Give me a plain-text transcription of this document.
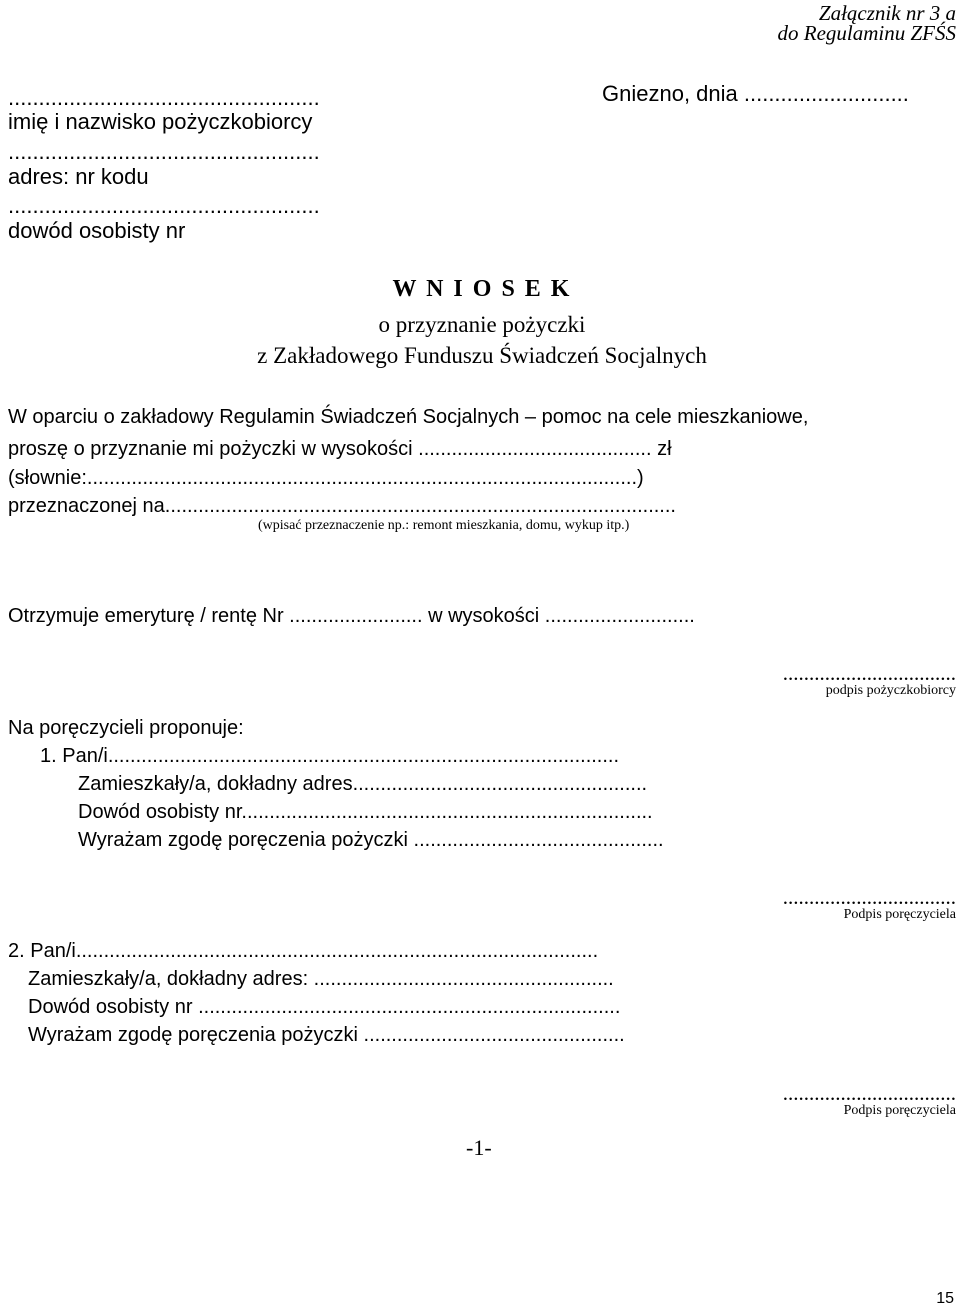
Załącznik nr 3 a
do Regulaminu ZFŚS
...................................................
imię i nazwisko pożyczkobiorcy
...................................................
adres: nr kodu
...................................................
dowód osobisty nr
Gniezno, dnia ...........................
W N I O S E K
o przyznanie pożyczki
z Zakładowego Funduszu Świadczeń Socjalnych
W oparciu o zakładowy Regulamin Świadczeń Socjalnych – pomoc na cele mieszkaniowe,
proszę o przyznanie mi pożyczki w wysokości .......................................... zł
(słownie:...................................................................................................)
przeznaczonej na............................................................................................
(wpisać przeznaczenie np.: remont mieszkania, domu, wykup itp.)
Otrzymuje emeryturę / rentę Nr ........................ w wysokości ...........................
.................................
podpis pożyczkobiorcy
Na poręczycieli proponuje:
1. Pan/i............................................................................................
Zamieszkały/a, dokładny adres.....................................................
Dowód osobisty nr..........................................................................
Wyrażam zgodę poręczenia pożyczki .............................................
.................................
Podpis poręczyciela
2. Pan/i..............................................................................................
Zamieszkały/a, dokładny adres: ......................................................
Dowód osobisty nr ............................................................................
Wyrażam zgodę poręczenia pożyczki ...............................................
.................................
Podpis poręczyciela
-1-
15
